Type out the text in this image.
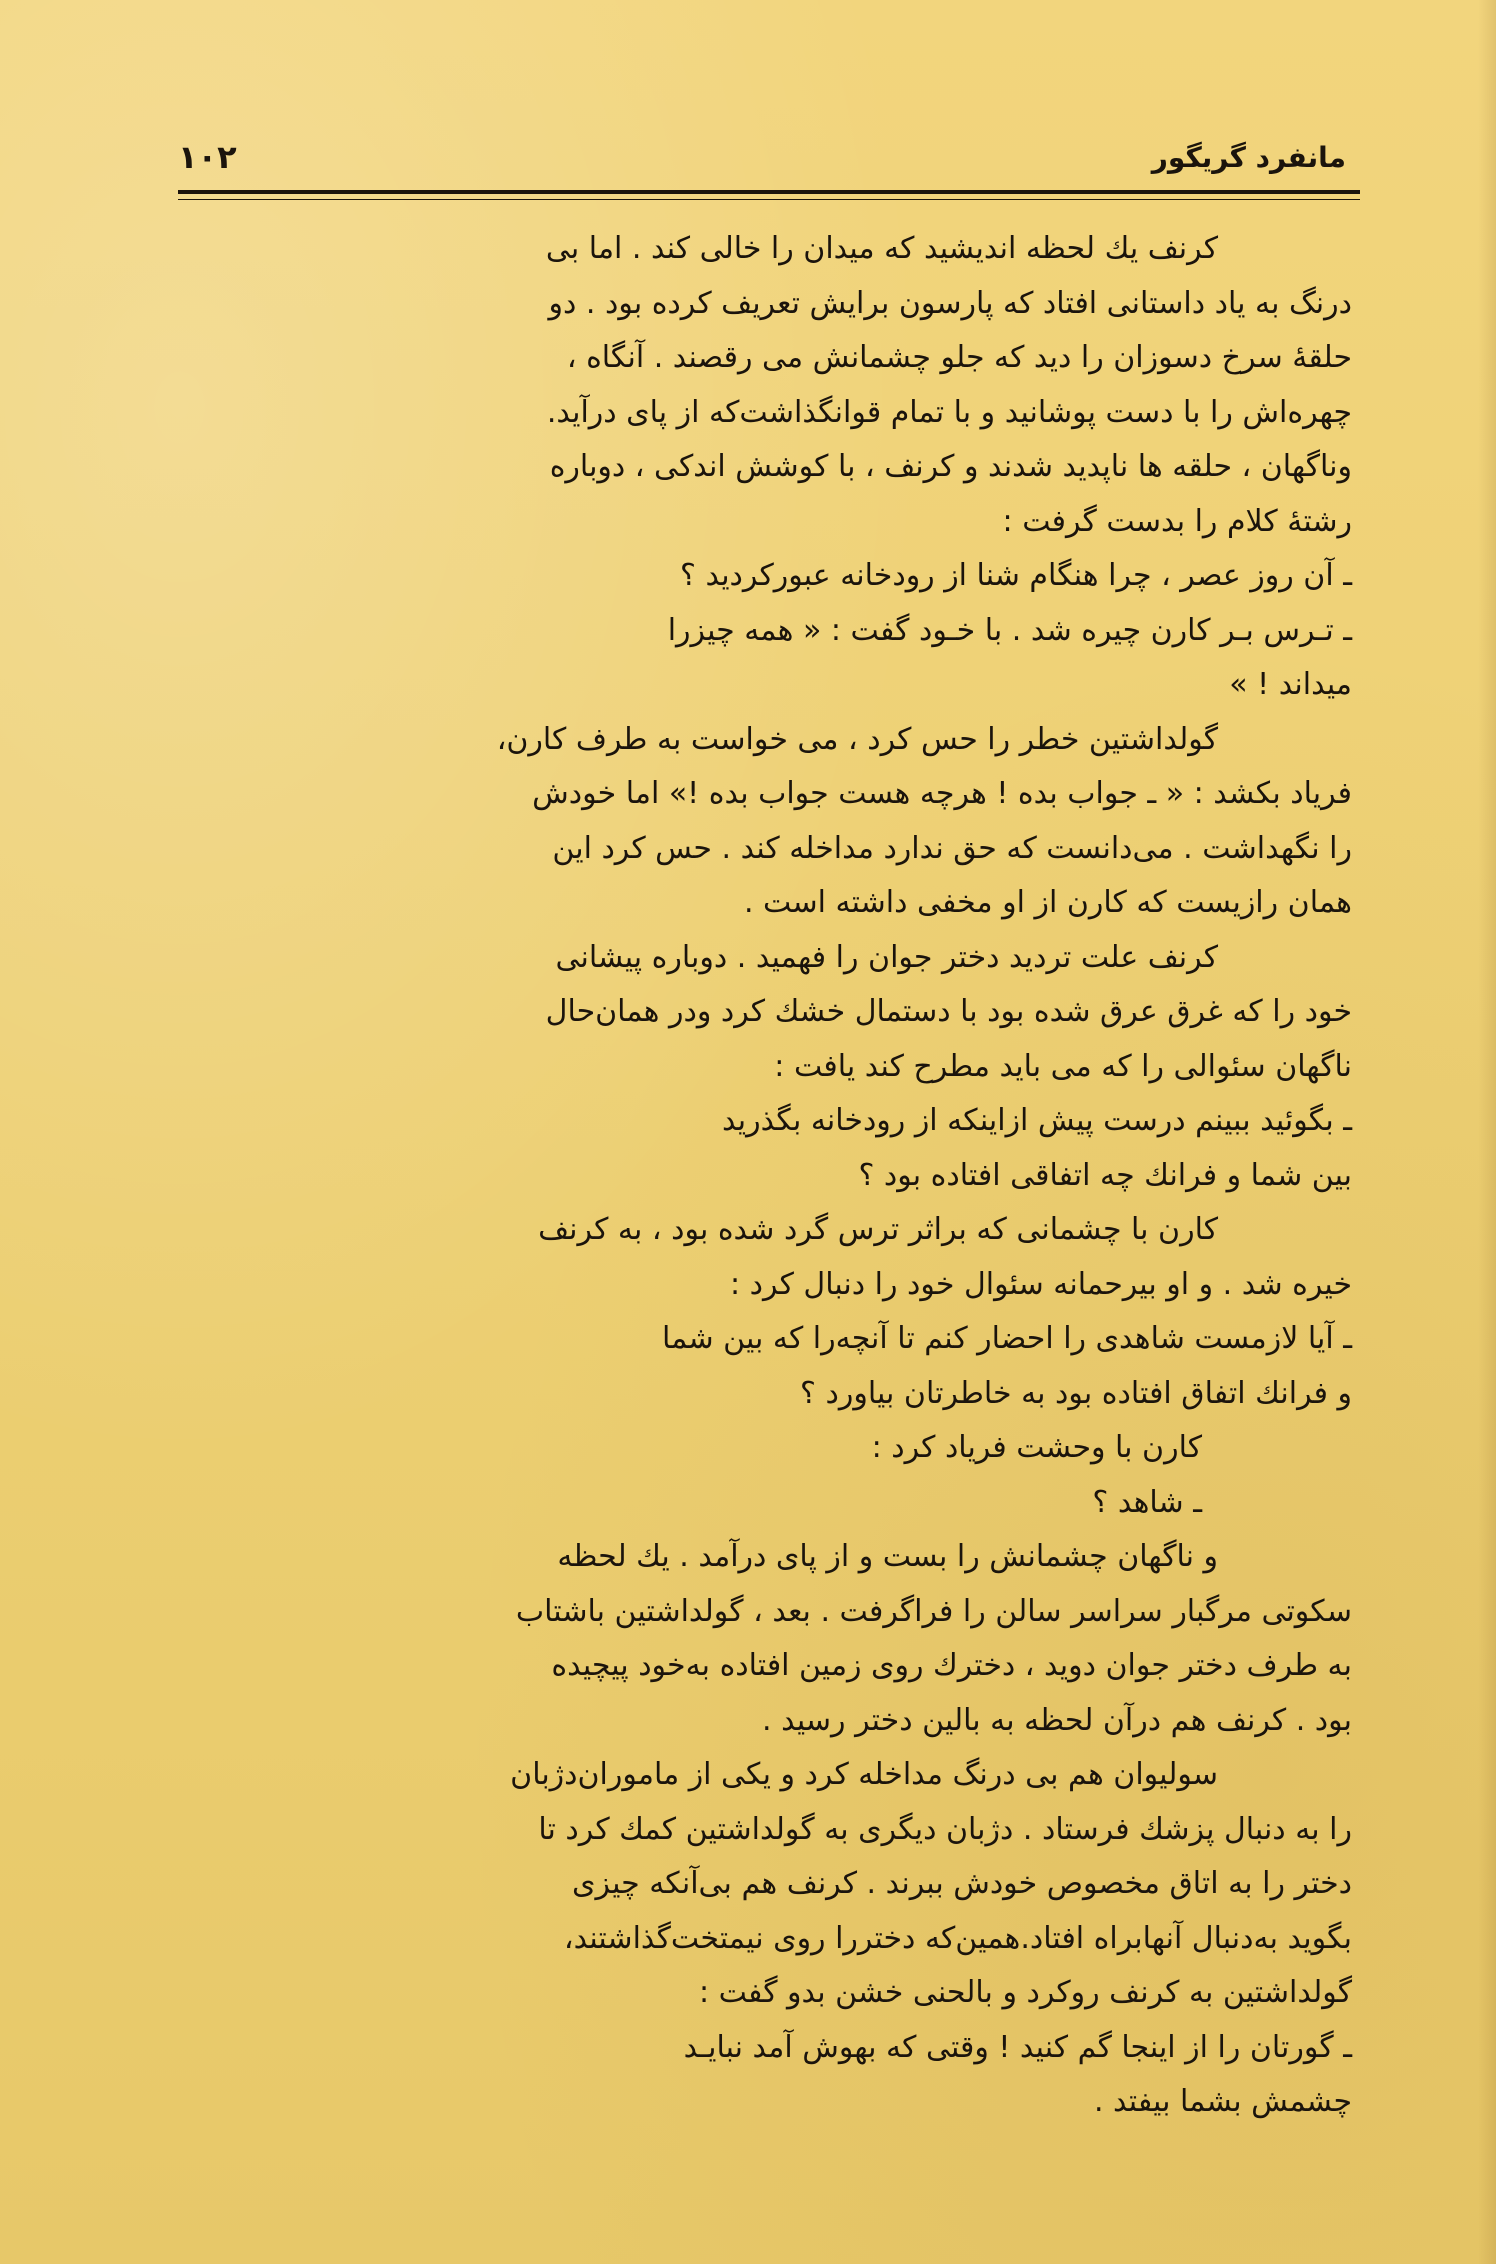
۱۰۲	مانفرد گریگور

كرنف يك لحظه انديشيد كه ميدان را خالی كند . اما بی

درنگ به ياد داستانی افتاد كه پارسون برايش تعريف كرده بود . دو

حلقهٔ سرخ دسوزان را ديد كه جلو چشمانش می رقصند . آنگاه ،

چهره‌اش را با دست پوشانيد و با تمام قوانگذاشت‌كه از پای درآيد.

وناگهان ، حلقه ها ناپديد شدند و كرنف ، با كوشش اندكی ، دوباره

رشتهٔ كلام را بدست گرفت :

ـ آن روز عصر ، چرا هنگام شنا از رودخانه عبوركرديد ؟

ـ تـرس بـر كارن چيره شد . با خـود گفت : « همه چيزرا

ميداند ! »

گولداشتين خطر را حس كرد ، می خواست به طرف كارن،

فرياد بكشد : « ـ جواب بده ! هرچه هست جواب بده !» اما خودش

را نگهداشت . می‌دانست كه حق ندارد مداخله كند . حس كرد اين

همان رازيست كه كارن از او مخفی داشته است .

كرنف علت ترديد دختر جوان را فهميد . دوباره پيشانی

خود را كه غرق عرق شده بود با دستمال خشك كرد ودر همان‌حال

ناگهان سئوالی را كه می بايد مطرح كند يافت :

ـ بگوئيد ببينم درست پيش ازاينكه از رودخانه بگذريد

بين شما و فرانك چه اتفاقی افتاده بود ؟

كارن با چشمانی كه براثر ترس گرد شده بود ، به كرنف

خيره شد . و او بيرحمانه سئوال خود را دنبال كرد :

ـ آيا لازمست شاهدی را احضار كنم تا آنچه‌را كه بين شما

و فرانك اتفاق افتاده بود به خاطرتان بياورد ؟

كارن با وحشت فرياد كرد :

ـ شاهد ؟

و ناگهان چشمانش را بست و از پای درآمد . يك لحظه

سكوتی مرگبار سراسر سالن را فراگرفت . بعد ، گولداشتين باشتاب

به طرف دختر جوان دويد ، دخترك روی زمين افتاده به‌خود پيچيده

بود . كرنف هم درآن لحظه به بالين دختر رسيد .

سوليوان هم بی درنگ مداخله كرد و يكی از ماموران‌دژبان

را به دنبال پزشك فرستاد . دژبان ديگری به گولداشتين كمك كرد تا

دختر را به اتاق مخصوص خودش ببرند . كرنف هم بی‌آنكه چيزی

بگويد به‌دنبال آنهابراه افتاد.همين‌كه دختررا روی نيمتخت‌گذاشتند،

گولداشتين به كرنف روكرد و بالحنی خشن بدو گفت :

ـ گورتان را از اينجا گم كنيد ! وقتی كه بهوش آمد نبايـد

چشمش بشما بيفتد .
